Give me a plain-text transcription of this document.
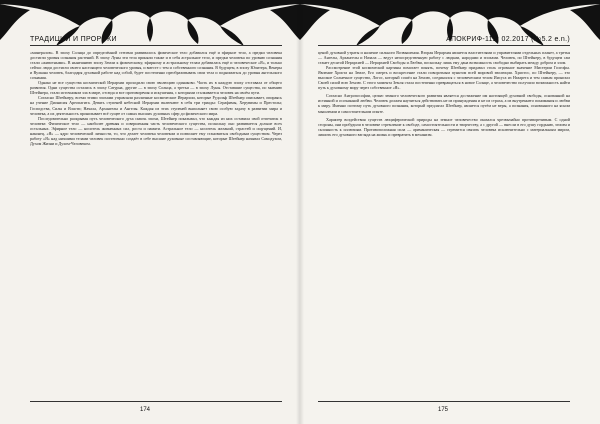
ТРАДИЦИИ И ПРОРОКИ

«минералов». В эпоху Солнца до определённой степени развивалось физическое тело добавился ещё и эфирное тело, а предки человека достигли уровня сознания растений. В эпоху Луны эти тела приняли также и в себя астральное тело, и предки человека по уровню сознания стали «животными». В нынешнюю эпоху Земли к физическому, эфирному и астральному телам добавилась ещё и человеческое «Я», и только сейчас люди достигли своего настоящего человеческого уровня, и вместе с тем и собственного сознания. В будущем, в эпоху Юпитера, Венеры и Вулкана человек, благодаря духовной работе над собой, будет постепенно преобразовывать свои тела и подниматься до уровня ангельского сознания.

Однако не все существа космической Иерархии проходили свою эволюцию одинаково. Часть их в каждую эпоху отставала от общего развития. Одни существа остались в эпоху Сатурна, другие — в эпоху Солнца, а третьи — в эпоху Луны. Отставшие существа, по мнению Штейнера, стали источником зла в мире, отсюда и все противоречия и искушения, с которыми сталкивается человек на своём пути.

Согласно Штейнеру, всеми этими эпохами управляли различные космические Иерархии, которые Рудольф Штейнер описывает, опираясь на учение Дионисия Ареопагита. Девять ступеней небесной Иерархии включают в себя три триады: Серафимы, Херувимы и Престолы; Господства, Силы и Власти; Начала, Архангелы и Ангелы. Каждая из этих ступеней выполняет свою особую задачу в развитии мира и человека, а их деятельность пронизывает всё сущее от самых высших духовных сфер до физического мира.

Последовательно раскрывая путь человеческого духа сквозь эпохи, Штейнер показывал, что каждая из них оставила свой отпечаток в человеке. Физическое тело — наиболее древняя и совершенная часть человеческого существа, поскольку оно развивается дольше всех остальных. Эфирное тело — носитель жизненных сил, роста и памяти. Астральное тело — носитель желаний, страстей и ощущений. И, наконец, «Я» — ядро человеческой личности, то, что делает человека человеком и позволяет ему становиться свободным существом. Через работу «Я» над низшими телами человек постепенно создаёт в себе высшие духовные составляющие, которые Штейнер называл Самодухом, Духом Жизни и Духом-Человеком.

174
АПОКРИФ-112: 02.2017 (№5.2 e.n.)

ценой духовной утраты и наличие сильного Возвышения. Вторая Иерархия является властителями и управителями отдельных планет, а третья — Ангелы, Архангелы и Начала — ведут непосредственную работу с людьми, народами и эпохами. Человек, по Штейнеру, в будущем сам станет десятой Иерархией — Иерархией Свободы и Любви, поскольку лишь ему дана возможность свободно выбирать между добром и злом.

Рассмотрение этой космической картины помогает понять, почему Штейнер придавал столь огромное значение Мистерии Голгофы. Явление Христа на Земле, Его смерть и воскресение стали поворотным пунктом всей мировой эволюции. Христос, по Штейнеру, — это высокое Солнечное существо, Логос, который сошёл на Землю, соединился с человеческим телом Иисуса из Назарета и тем самым пронизал Своей силой всю Землю. С этого момента Земля стала постепенно превращаться в новое Солнце, а человечество получило возможность найти путь к духовному миру через собственное «Я».

Согласно Антропософии, целью земного человеческого развития является достижение им настоящей духовной свободы, основанной на истинной и осознанной любви. Человек должен научиться действовать не из принуждения и не из страха, а из внутреннего понимания и любви к миру. Именно поэтому путь духовного познания, который предлагал Штейнер, является путём не веры, а познания, основанного на ясном мышлении и самостоятельном опыте.

Характер воздействия существ люциферической природы на земное человечество оказался чрезвычайно противоречивым. С одной стороны, они пробудили в человеке стремление к свободе, самостоятельности и творчеству, а с другой — внесли в его душу гордыню, эгоизм и склонность к иллюзиям. Противоположная сила — ариманическая — стремится связать человека исключительно с материальным миром, лишить его духовного взгляда на жизнь и превратить в механизм.

175
